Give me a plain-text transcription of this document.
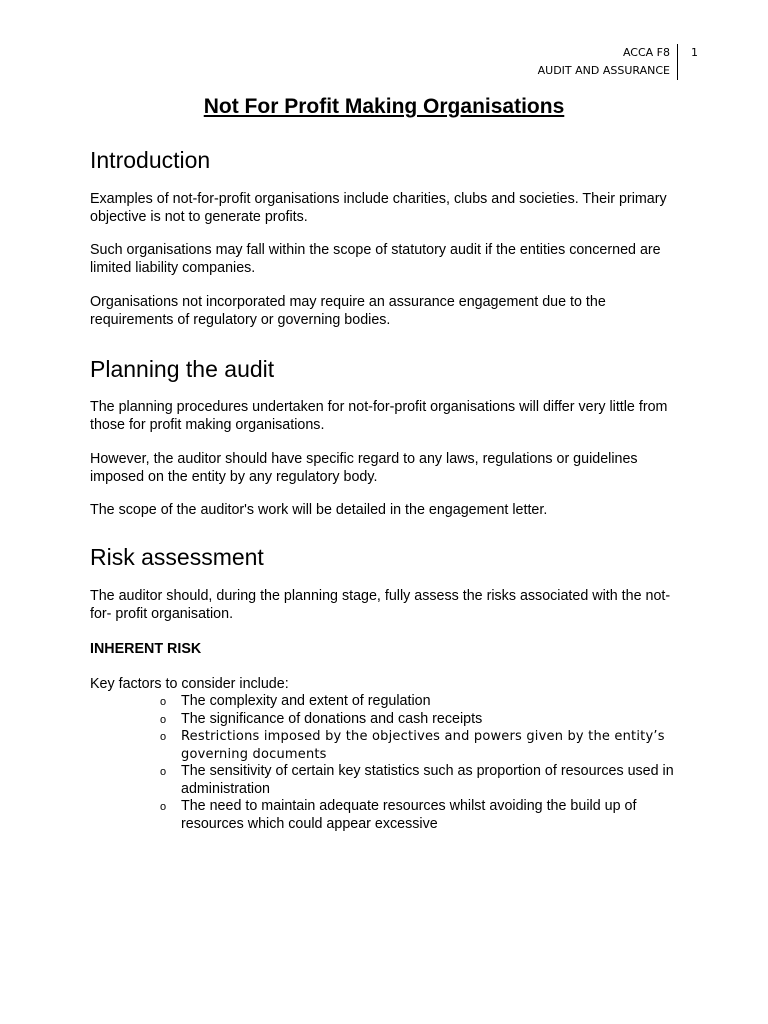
ACCA F8
AUDIT AND ASSURANCE
1
Not For Profit Making Organisations
Introduction

Examples of not-for-profit organisations include charities, clubs and societies. Their primary objective is not to generate profits.

Such organisations may fall within the scope of statutory audit if the entities concerned are limited liability companies.

Organisations not incorporated may require an assurance engagement due to the requirements of regulatory or governing bodies.

Planning the audit

The planning procedures undertaken for not-for-profit organisations will differ very little from those for profit making organisations.

However, the auditor should have specific regard to any laws, regulations or guidelines imposed on the entity by any regulatory body.

The scope of the auditor's work will be detailed in the engagement letter.

Risk assessment

The auditor should, during the planning stage, fully assess the risks associated with the not-for- profit organisation.

INHERENT RISK

Key factors to consider include:

o The complexity and extent of regulation
o The significance of donations and cash receipts
o Restrictions imposed by the objectives and powers given by the entity’s governing documents
o The sensitivity of certain key statistics such as proportion of resources used in administration
o The need to maintain adequate resources whilst avoiding the build up of resources which could appear excessive
